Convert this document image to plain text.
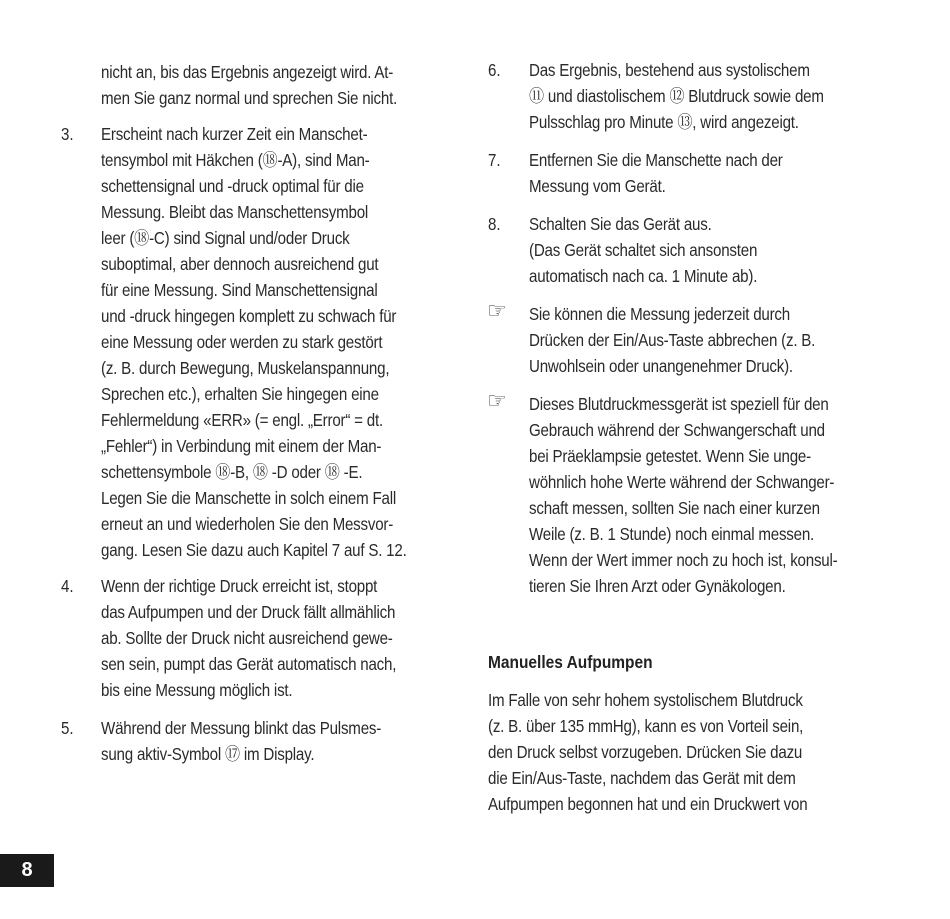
nicht an, bis das Ergebnis angezeigt wird. At-
men Sie ganz normal und sprechen Sie nicht.
3. Erscheint nach kurzer Zeit ein Manschet-
tensymbol mit Häkchen (⑱-A), sind Man-
schettensignal und -druck optimal für die
Messung. Bleibt das Manschettensymbol
leer (⑱-C) sind Signal und/oder Druck
suboptimal, aber dennoch ausreichend gut
für eine Messung. Sind Manschettensignal
und -druck hingegen komplett zu schwach für
eine Messung oder werden zu stark gestört
(z. B. durch Bewegung, Muskelanspannung,
Sprechen etc.), erhalten Sie hingegen eine
Fehlermeldung «ERR» (= engl. „Error“ = dt.
„Fehler“) in Verbindung mit einem der Man-
schettensymbole ⑱-B, ⑱ -D oder ⑱ -E.
Legen Sie die Manschette in solch einem Fall
erneut an und wiederholen Sie den Messvor-
gang. Lesen Sie dazu auch Kapitel 7 auf S. 12.
4. Wenn der richtige Druck erreicht ist, stoppt
das Aufpumpen und der Druck fällt allmählich
ab. Sollte der Druck nicht ausreichend gewe-
sen sein, pumpt das Gerät automatisch nach,
bis eine Messung möglich ist.
5. Während der Messung blinkt das Pulsmes-
sung aktiv-Symbol ⑰ im Display.
6. Das Ergebnis, bestehend aus systolischem
⑪ und diastolischem ⑫ Blutdruck sowie dem
Pulsschlag pro Minute ⑬, wird angezeigt.
7. Entfernen Sie die Manschette nach der
Messung vom Gerät.
8. Schalten Sie das Gerät aus.
(Das Gerät schaltet sich ansonsten
automatisch nach ca. 1 Minute ab).
☞ Sie können die Messung jederzeit durch
Drücken der Ein/Aus-Taste abbrechen (z. B.
Unwohlsein oder unangenehmer Druck).
☞ Dieses Blutdruckmessgerät ist speziell für den
Gebrauch während der Schwangerschaft und
bei Präeklampsie getestet. Wenn Sie unge-
wöhnlich hohe Werte während der Schwanger-
schaft messen, sollten Sie nach einer kurzen
Weile (z. B. 1 Stunde) noch einmal messen.
Wenn der Wert immer noch zu hoch ist, konsul-
tieren Sie Ihren Arzt oder Gynäkologen.
Manuelles Aufpumpen
Im Falle von sehr hohem systolischem Blutdruck
(z. B. über 135 mmHg), kann es von Vorteil sein,
den Druck selbst vorzugeben. Drücken Sie dazu
die Ein/Aus-Taste, nachdem das Gerät mit dem
Aufpumpen begonnen hat und ein Druckwert von
8
